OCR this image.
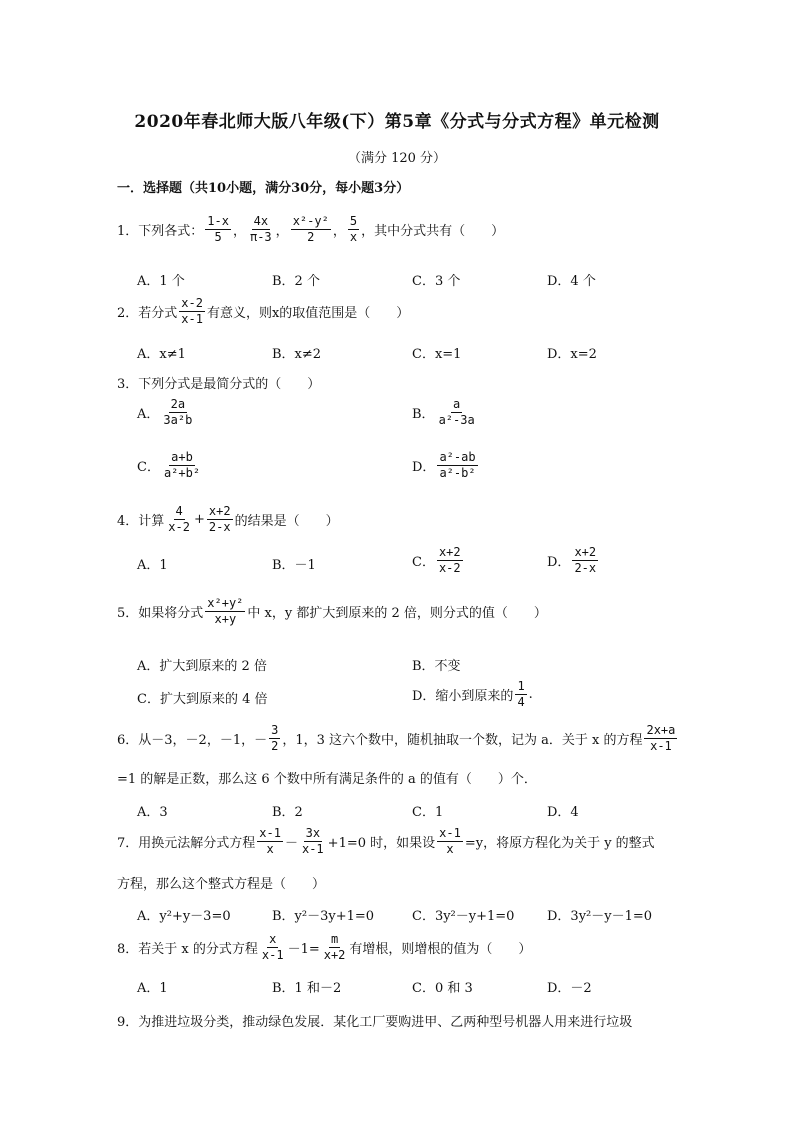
2020年春北师大版八年级(下）第5章《分式与分式方程》单元检测
（满分 120 分）
一．选择题（共10小题，满分30分，每小题3分）
1．下列各式： $\frac{1-x}{5}$ ， $\frac{4x}{\pi-3}$ ， $\frac{\text{x²-y²}}{2}$ ， $\frac{5}{x}$ ，其中分式共有（　　）
A．1 个	B．2 个	C．3 个	D．4 个
2．若分式 $\frac{x-2}{x-1}$ 有意义，则x的取值范围是（　　）
A．x≠1	B．x≠2	C．x=1	D．x=2
3．下列分式是最简分式的（　　）
A． $\frac{2a}{\text{3a²b}}$	B． $\frac{a}{\text{a²-3a}}$
C． $\frac{a+b}{\text{a²+b²}}$	D． $\frac{\text{a²-ab}}{\text{a²-b²}}$
4．计算 $\frac{4}{x-2} + \frac{x+2}{2-x}$ 的结果是（　　）
A．1	B．－1	C． $\frac{x+2}{x-2}$	D． $\frac{x+2}{2-x}$
5．如果将分式 $\frac{\text{x²+y²}}{x+y}$ 中 x，y 都扩大到原来的 2 倍，则分式的值（　　）
A．扩大到原来的 2 倍	B．不变
C．扩大到原来的 4 倍	D．缩小到原来的 $\frac{1}{4}$ .
6．从－3，－2，－1，－ $\frac{3}{2}$ ，1，3 这六个数中，随机抽取一个数，记为 a．关于 x 的方程 $\frac{2x+a}{x-1}$
=1 的解是正数，那么这 6 个数中所有满足条件的 a 的值有（　　）个．
A．3	B．2	C．1	D．4
7．用换元法解分式方程 $\frac{x-1}{x} - \frac{3x}{x-1} +1=0$ 时，如果设 $\frac{x-1}{x} =y$，将原方程化为关于 y 的整式
方程，那么这个整式方程是（　　）
A．y²+y－3=0	B．y²－3y+1=0	C．3y²－y+1=0	D．3y²－y－1=0
8．若关于 x 的分式方程 $\frac{x}{x-1} -1= \frac{m}{x+2}$ 有增根，则增根的值为（　　）
A．1	B．1 和－2	C．0 和 3	D．－2
9．为推进垃圾分类，推动绿色发展．某化工厂要购进甲、乙两种型号机器人用来进行垃圾
